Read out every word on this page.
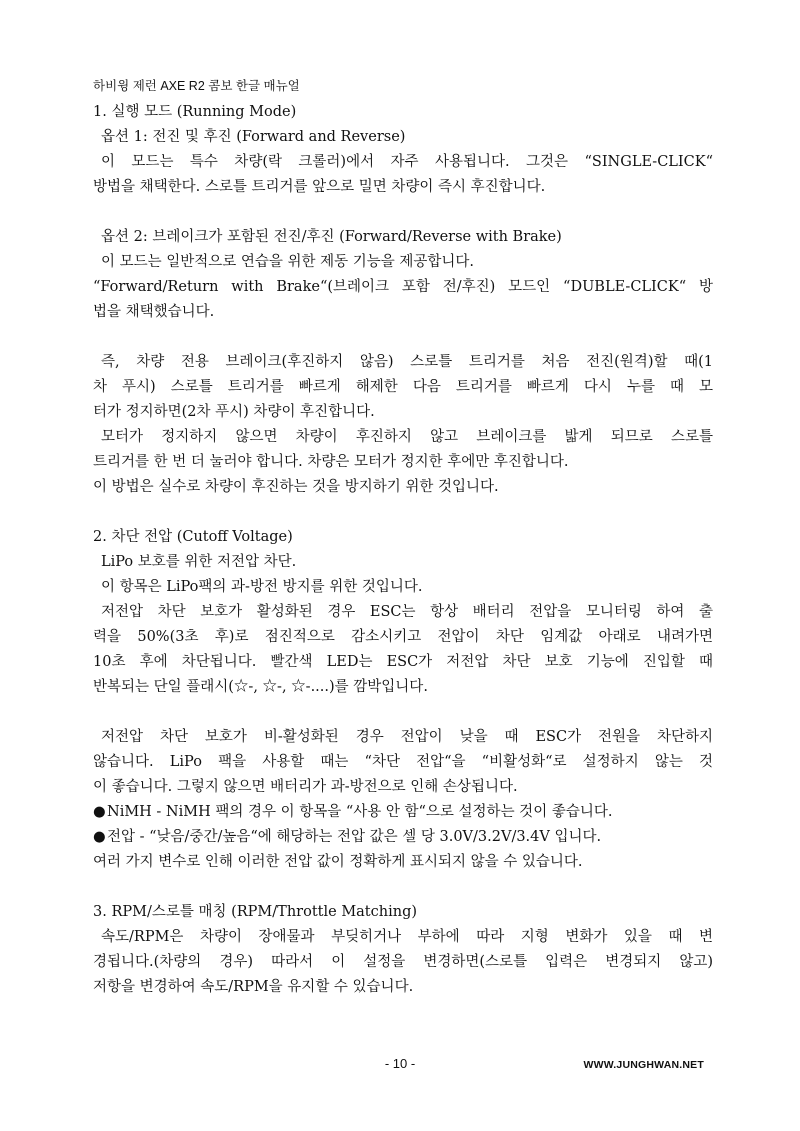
하비윙 제런 AXE R2 콤보 한글 매뉴얼
1. 실행 모드 (Running Mode)
옵션 1: 전진 및 후진 (Forward and Reverse)
이 모드는 특수 차량(락 크롤러)에서 자주 사용됩니다. 그것은 “SINGLE-CLICK“
방법을 채택한다. 스로틀 트리거를 앞으로 밀면 차량이 즉시 후진합니다.
옵션 2: 브레이크가 포함된 전진/후진 (Forward/Reverse with Brake)
이 모드는 일반적으로 연습을 위한 제동 기능을 제공합니다.
“Forward/Return with Brake“(브레이크 포함 전/후진) 모드인 “DUBLE-CLICK“ 방
법을 채택했습니다.
즉, 차량 전용 브레이크(후진하지 않음) 스로틀 트리거를 처음 전진(원격)할 때(1
차 푸시) 스로틀 트리거를 빠르게 해제한 다음 트리거를 빠르게 다시 누를 때 모
터가 정지하면(2차 푸시) 차량이 후진합니다.
모터가 정지하지 않으면 차량이 후진하지 않고 브레이크를 밟게 되므로 스로틀
트리거를 한 번 더 눌러야 합니다. 차량은 모터가 정지한 후에만 후진합니다.
이 방법은 실수로 차량이 후진하는 것을 방지하기 위한 것입니다.
2. 차단 전압 (Cutoff Voltage)
LiPo 보호를 위한 저전압 차단.
이 항목은 LiPo팩의 과-방전 방지를 위한 것입니다.
저전압 차단 보호가 활성화된 경우 ESC는 항상 배터리 전압을 모니터링 하여 출
력을 50%(3초 후)로 점진적으로 감소시키고 전압이 차단 임계값 아래로 내려가면
10초 후에 차단됩니다. 빨간색 LED는 ESC가 저전압 차단 보호 기능에 진입할 때
반복되는 단일 플래시(☆-, ☆-, ☆-....)를 깜박입니다.
저전압 차단 보호가 비-활성화된 경우 전압이 낮을 때 ESC가 전원을 차단하지
않습니다. LiPo 팩을 사용할 때는 “차단 전압“을 “비활성화“로 설정하지 않는 것
이 좋습니다. 그렇지 않으면 배터리가 과-방전으로 인해 손상됩니다.
●NiMH - NiMH 팩의 경우 이 항목을 “사용 안 함“으로 설정하는 것이 좋습니다.
●전압 - “낮음/중간/높음“에 해당하는 전압 값은 셀 당 3.0V/3.2V/3.4V 입니다.
여러 가지 변수로 인해 이러한 전압 값이 정확하게 표시되지 않을 수 있습니다.
3. RPM/스로틀 매칭 (RPM/Throttle Matching)
속도/RPM은 차량이 장애물과 부딪히거나 부하에 따라 지형 변화가 있을 때 변
경됩니다.(차량의 경우) 따라서 이 설정을 변경하면(스로틀 입력은 변경되지 않고)
저항을 변경하여 속도/RPM을 유지할 수 있습니다.
- 10 -	WWW.JUNGHWAN.NET
